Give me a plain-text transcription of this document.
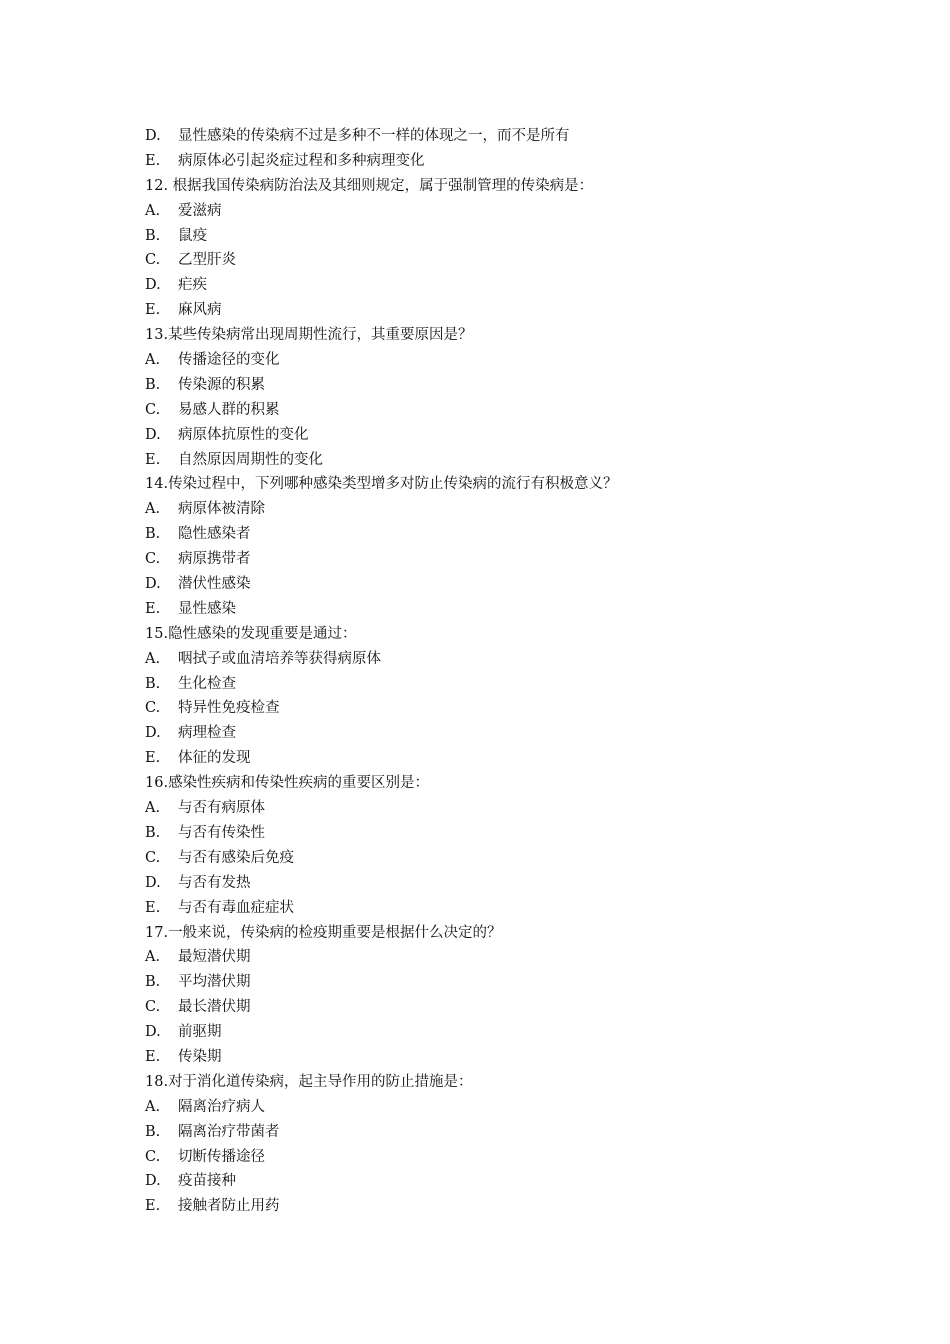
D.	显性感染的传染病不过是多种不一样的体现之一，而不是所有
E.	病原体必引起炎症过程和多种病理变化
12. 根据我国传染病防治法及其细则规定，属于强制管理的传染病是：
A.	爱滋病
B.	鼠疫
C.	乙型肝炎
D.	疟疾
E.	麻风病
13. 某些传染病常出现周期性流行，其重要原因是？
A.	传播途径的变化
B.	传染源的积累
C.	易感人群的积累
D.	病原体抗原性的变化
E.	自然原因周期性的变化
14. 传染过程中，下列哪种感染类型增多对防止传染病的流行有积极意义？
A.	病原体被清除
B.	隐性感染者
C.	病原携带者
D.	潜伏性感染
E.	显性感染
15. 隐性感染的发现重要是通过：
A.	咽拭子或血清培养等获得病原体
B.	生化检查
C.	特异性免疫检查
D.	病理检查
E.	体征的发现
16. 感染性疾病和传染性疾病的重要区别是：
A.	与否有病原体
B.	与否有传染性
C.	与否有感染后免疫
D.	与否有发热
E.	与否有毒血症症状
17. 一般来说，传染病的检疫期重要是根据什么决定的？
A.	最短潜伏期
B.	平均潜伏期
C.	最长潜伏期
D.	前驱期
E.	传染期
18. 对于消化道传染病，起主导作用的防止措施是：
A.	隔离治疗病人
B.	隔离治疗带菌者
C.	切断传播途径
D.	疫苗接种
E.	接触者防止用药
